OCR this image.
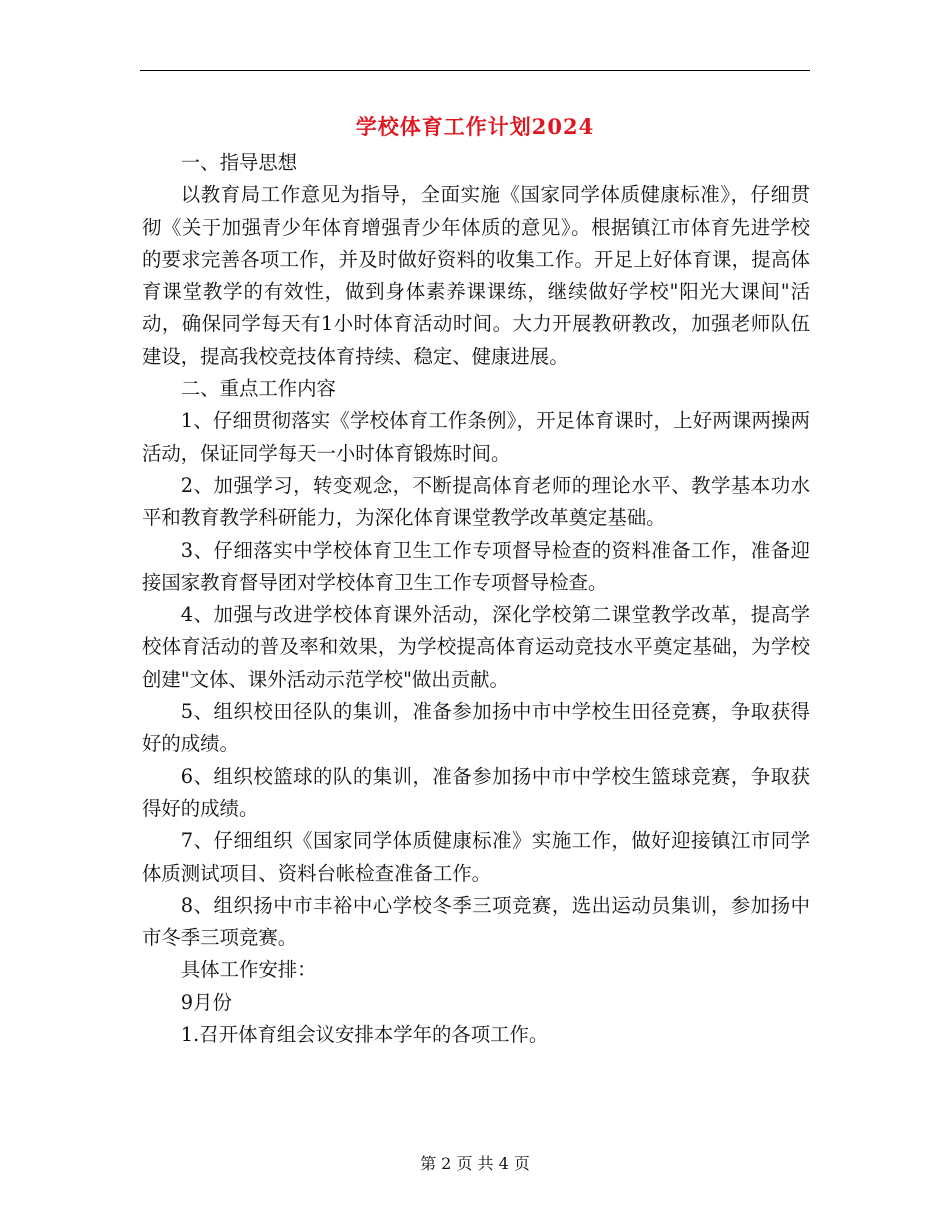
学校体育工作计划2024

一、指导思想

以教育局工作意见为指导，全面实施《国家同学体质健康标准》，仔细贯彻《关于加强青少年体育增强青少年体质的意见》。根据镇江市体育先进学校的要求完善各项工作，并及时做好资料的收集工作。开足上好体育课，提高体育课堂教学的有效性，做到身体素养课课练，继续做好学校"阳光大课间"活动，确保同学每天有1小时体育活动时间。大力开展教研教改，加强老师队伍建设，提高我校竞技体育持续、稳定、健康进展。

二、重点工作内容

1、仔细贯彻落实《学校体育工作条例》，开足体育课时，上好两课两操两活动，保证同学每天一小时体育锻炼时间。

2、加强学习，转变观念，不断提高体育老师的理论水平、教学基本功水平和教育教学科研能力，为深化体育课堂教学改革奠定基础。

3、仔细落实中学校体育卫生工作专项督导检查的资料准备工作，准备迎接国家教育督导团对学校体育卫生工作专项督导检查。

4、加强与改进学校体育课外活动，深化学校第二课堂教学改革，提高学校体育活动的普及率和效果，为学校提高体育运动竞技水平奠定基础，为学校创建"文体、课外活动示范学校"做出贡献。

5、组织校田径队的集训，准备参加扬中市中学校生田径竞赛，争取获得好的成绩。

6、组织校篮球的队的集训，准备参加扬中市中学校生篮球竞赛，争取获得好的成绩。

7、仔细组织《国家同学体质健康标准》实施工作，做好迎接镇江市同学体质测试项目、资料台帐检查准备工作。

8、组织扬中市丰裕中心学校冬季三项竞赛，选出运动员集训，参加扬中市冬季三项竞赛。

具体工作安排：

9月份

1.召开体育组会议安排本学年的各项工作。

第 2 页 共 4 页
